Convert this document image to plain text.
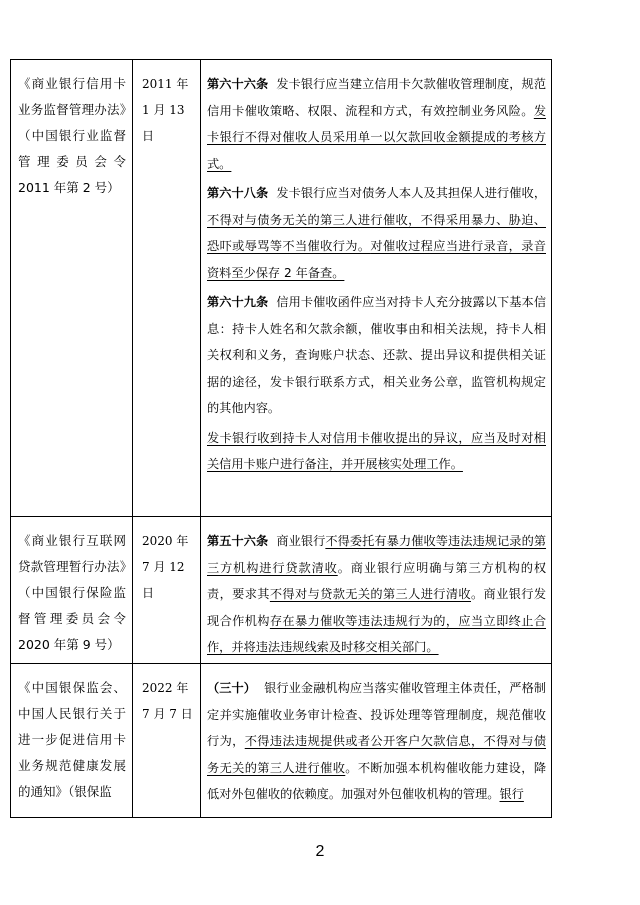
《商业银行信用卡业务监督管理办法》（中国银行业监督管理委员会令 2011 年第 2 号）	2011 年 1 月 13 日	第六十六条 发卡银行应当建立信用卡欠款催收管理制度，规范信用卡催收策略、权限、流程和方式，有效控制业务风险。发卡银行不得对催收人员采用单一以欠款回收金额提成的考核方式。

第六十八条 发卡银行应当对债务人本人及其担保人进行催收，不得对与债务无关的第三人进行催收，不得采用暴力、胁迫、恐吓或辱骂等不当催收行为。对催收过程应当进行录音，录音资料至少保存 2 年备查。

第六十九条 信用卡催收函件应当对持卡人充分披露以下基本信息：持卡人姓名和欠款余额，催收事由和相关法规，持卡人相关权利和义务，查询账户状态、还款、提出异议和提供相关证据的途径，发卡银行联系方式，相关业务公章，监管机构规定的其他内容。

发卡银行收到持卡人对信用卡催收提出的异议，应当及时对相关信用卡账户进行备注，并开展核实处理工作。

《商业银行互联网贷款管理暂行办法》（中国银行保险监督管理委员会令 2020 年第 9 号）	2020 年 7 月 12 日	第五十六条 商业银行不得委托有暴力催收等违法违规记录的第三方机构进行贷款清收。商业银行应明确与第三方机构的权责，要求其不得对与贷款无关的第三人进行清收。商业银行发现合作机构存在暴力催收等违法违规行为的，应当立即终止合作，并将违法违规线索及时移交相关部门。

《中国银保监会、中国人民银行关于进一步促进信用卡业务规范健康发展的通知》（银保监	2022 年 7 月 7 日	（三十） 银行业金融机构应当落实催收管理主体责任，严格制定并实施催收业务审计检查、投诉处理等管理制度，规范催收行为，不得违法违规提供或者公开客户欠款信息，不得对与债务无关的第三人进行催收。不断加强本机构催收能力建设，降低对外包催收的依赖度。加强对外包催收机构的管理。银行

2
